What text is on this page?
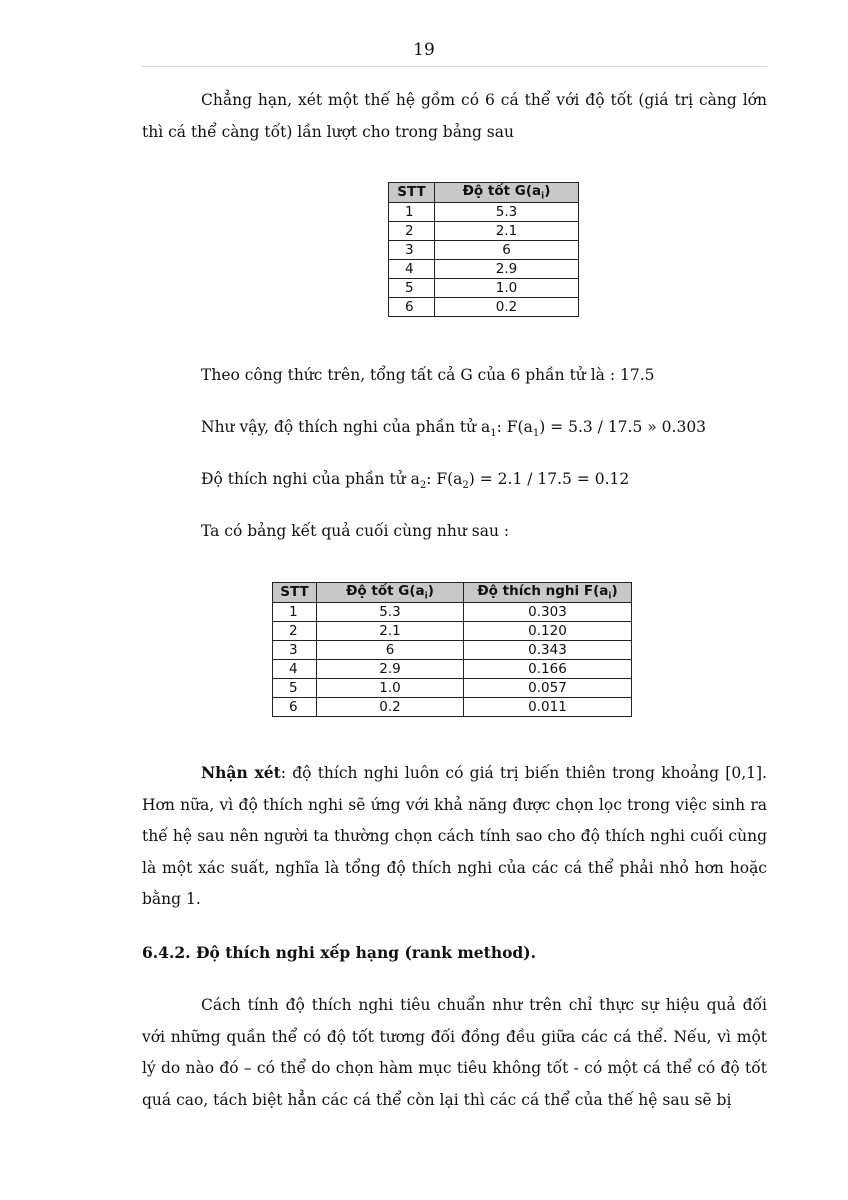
19

Chẳng hạn, xét một thế hệ gồm có 6 cá thể với độ tốt (giá trị càng lớn thì cá thể càng tốt) lần lượt cho trong bảng sau

STT	Độ tốt $G(a_i)$
1	5.3
2	2.1
3	6
4	2.9
5	1.0
6	0.2

Theo công thức trên, tổng tất cả G của 6 phần tử là : 17.5

Như vậy, độ thích nghi của phần tử $a_1$: $F(a_1) = 5.3 / 17.5$ » 0.303

Độ thích nghi của phần tử $a_2$: $F(a_2) = 2.1 / 17.5 = 0.12$

Ta có bảng kết quả cuối cùng như sau :

STT	Độ tốt $G(a_i)$	Độ thích nghi $F(a_i)$
1	5.3	0.303
2	2.1	0.120
3	6	0.343
4	2.9	0.166
5	1.0	0.057
6	0.2	0.011

Nhận xét: độ thích nghi luôn có giá trị biến thiên trong khoảng [0,1]. Hơn nữa, vì độ thích nghi sẽ ứng với khả năng được chọn lọc trong việc sinh ra thế hệ sau nên người ta thường chọn cách tính sao cho độ thích nghi cuối cùng là một xác suất, nghĩa là tổng độ thích nghi của các cá thể phải nhỏ hơn hoặc bằng 1.

6.4.2. Độ thích nghi xếp hạng (rank method).

Cách tính độ thích nghi tiêu chuẩn như trên chỉ thực sự hiệu quả đối với những quần thể có độ tốt tương đối đồng đều giữa các cá thể. Nếu, vì một lý do nào đó – có thể do chọn hàm mục tiêu không tốt - có một cá thể có độ tốt quá cao, tách biệt hẳn các cá thể còn lại thì các cá thể của thế hệ sau sẽ bị
